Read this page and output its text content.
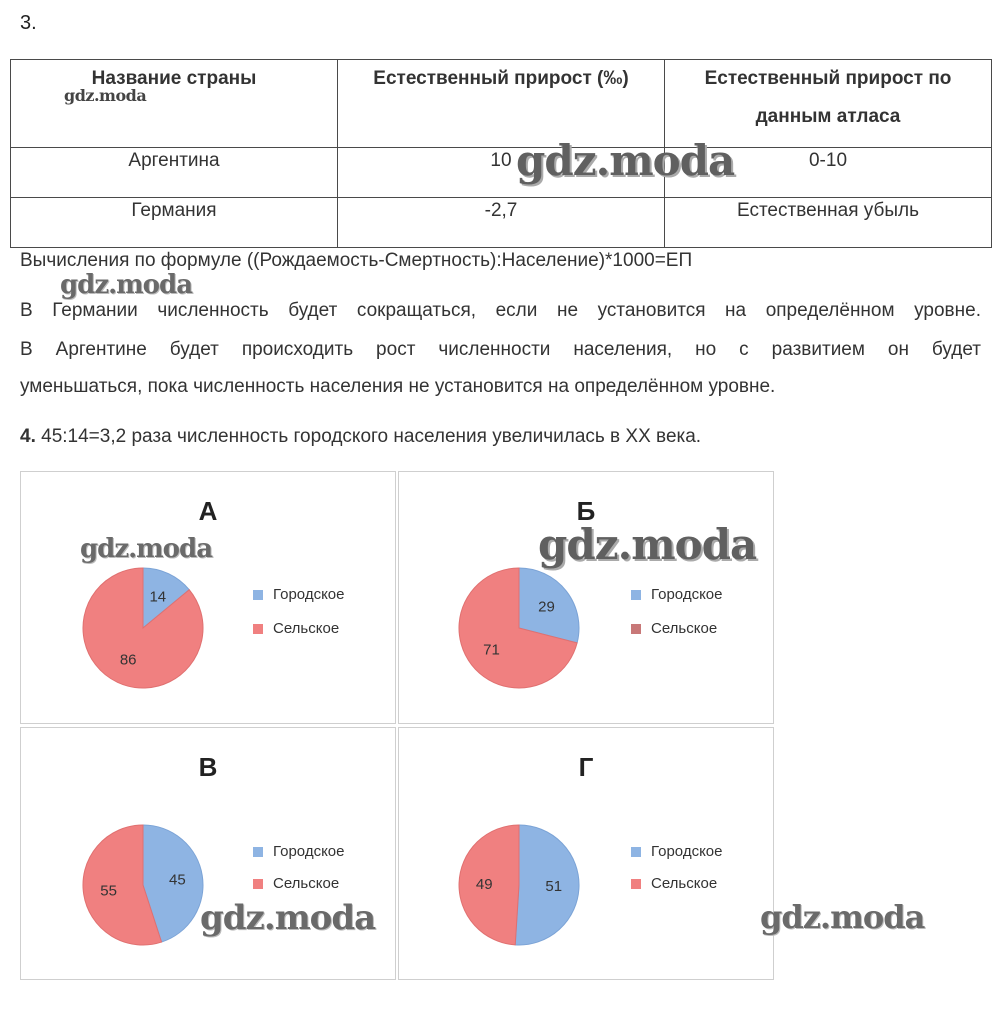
3.
Название страны	Естественный прирост (‰)	Естественный прирост по данным атласа

Аргентина	10	0-10

Германия	-2,7	Естественная убыль
Вычисления по формуле ((Рождаемость-Смертность):Население)*1000=ЕП
В Германии численность будет сокращаться, если не установится на определённом уровне.
В Аргентине будет происходить рост численности населения, но с развитием он будет
уменьшаться, пока численность населения не установится на определённом уровне.
4. 45:14=3,2 раза численность городского населения увеличилась в XX века.
А
14
86
Городское
Сельское
Б
29
71
Городское
Сельское
В
45
55
Городское
Сельское
Г
51
49
Городское
Сельское
gdz.moda
gdz.moda
gdz.moda
gdz.moda	gdz.moda
gdz.moda	gdz.moda
